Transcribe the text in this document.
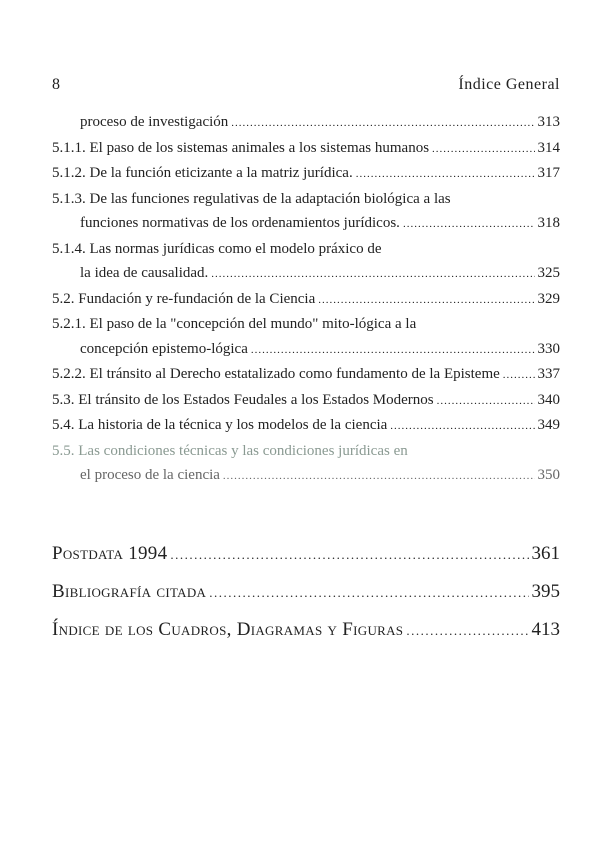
8	Índice General
proceso de investigación .....	313
5.1.1. El paso de los sistemas animales a los sistemas humanos .....	314
5.1.2. De la función eticizante a la matriz jurídica. .....	317
5.1.3. De las funciones regulativas de la adaptación biológica a las
funciones normativas de los ordenamientos jurídicos. .....	318
5.1.4. Las normas jurídicas como el modelo práxico de
la idea de causalidad. .....	325
5.2. Fundación y re-fundación de la Ciencia .....	329
5.2.1. El paso de la "concepción del mundo" mito-lógica a la
concepción epistemo-lógica .....	330
5.2.2. El tránsito al Derecho estatalizado como fundamento de la Episteme .....	337
5.3. El tránsito de los Estados Feudales a los Estados Modernos .....	340
5.4. La historia de la técnica y los modelos de la ciencia .....	349
5.5. Las condiciones técnicas y las condiciones jurídicas en
el proceso de la ciencia .....	350
Postdata 1994 .....	361
Bibliografía citada .....	395
Índice de los Cuadros, Diagramas y Figuras .....	413
